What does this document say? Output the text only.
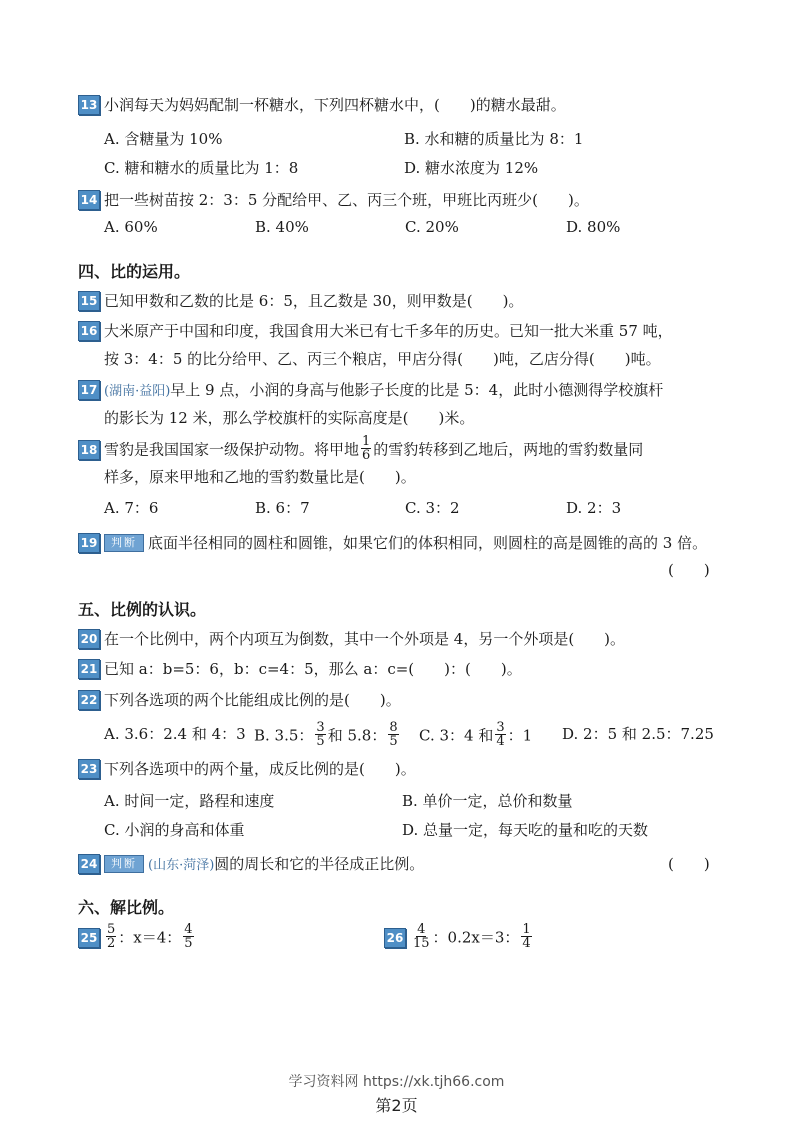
13 小润每天为妈妈配制一杯糖水，下列四杯糖水中，(　　)的糖水最甜。
A. 含糖量为 10%	B. 水和糖的质量比为 8：1
C. 糖和糖水的质量比为 1：8	D. 糖水浓度为 12%
14 把一些树苗按 2：3：5 分配给甲、乙、丙三个班，甲班比丙班少(　　)。
A. 60%	B. 40%	C. 20%	D. 80%
四、比的运用。
15 已知甲数和乙数的比是 6：5，且乙数是 30，则甲数是(　　)。
16 大米原产于中国和印度，我国食用大米已有七千多年的历史。已知一批大米重 57 吨，
按 3：4：5 的比分给甲、乙、丙三个粮店，甲店分得(　　)吨，乙店分得(　　)吨。
17 (湖南·益阳)早上 9 点，小润的身高与他影子长度的比是 5：4，此时小德测得学校旗杆
的影长为 12 米，那么学校旗杆的实际高度是(　　)米。
18 雪豹是我国国家一级保护动物。将甲地 $\frac{1}{6}$ 的雪豹转移到乙地后，两地的雪豹数量同
样多，原来甲地和乙地的雪豹数量比是(　　)。
A. 7：6	B. 6：7	C. 3：2	D. 2：3
19 判断 底面半径相同的圆柱和圆锥，如果它们的体积相同，则圆柱的高是圆锥的高的 3 倍。
(　　)
五、比例的认识。
20 在一个比例中，两个内项互为倒数，其中一个外项是 4，另一个外项是(　　)。
21 已知 a：b=5：6，b：c=4：5，那么 a：c=(　　)：(　　)。
22 下列各选项的两个比能组成比例的是(　　)。
A. 3.6：2.4 和 4：3 B. 3.5： $\frac{3}{5}$ 和 5.8： $\frac{8}{5} C$. 3：4 和 $\frac{3}{4}$ ：1 D. 2：5 和 2.5：7.25
23 下列各选项中的两个量，成反比例的是(　　)。
A. 时间一定，路程和速度	B. 单价一定，总价和数量
C. 小润的身高和体重	D. 总量一定，每天吃的量和吃的天数
24 判断 (山东·菏泽)圆的周长和它的半径成正比例。	(　　)
六、解比例。
$25 \frac{5}{2}$ ：x＝4： $\frac{4}{5}$	$26 \frac{4}{15}$ ：0.2x＝3： $\frac{1}{4}$
学习资料网 https://xk.tjh66.com
第2页
